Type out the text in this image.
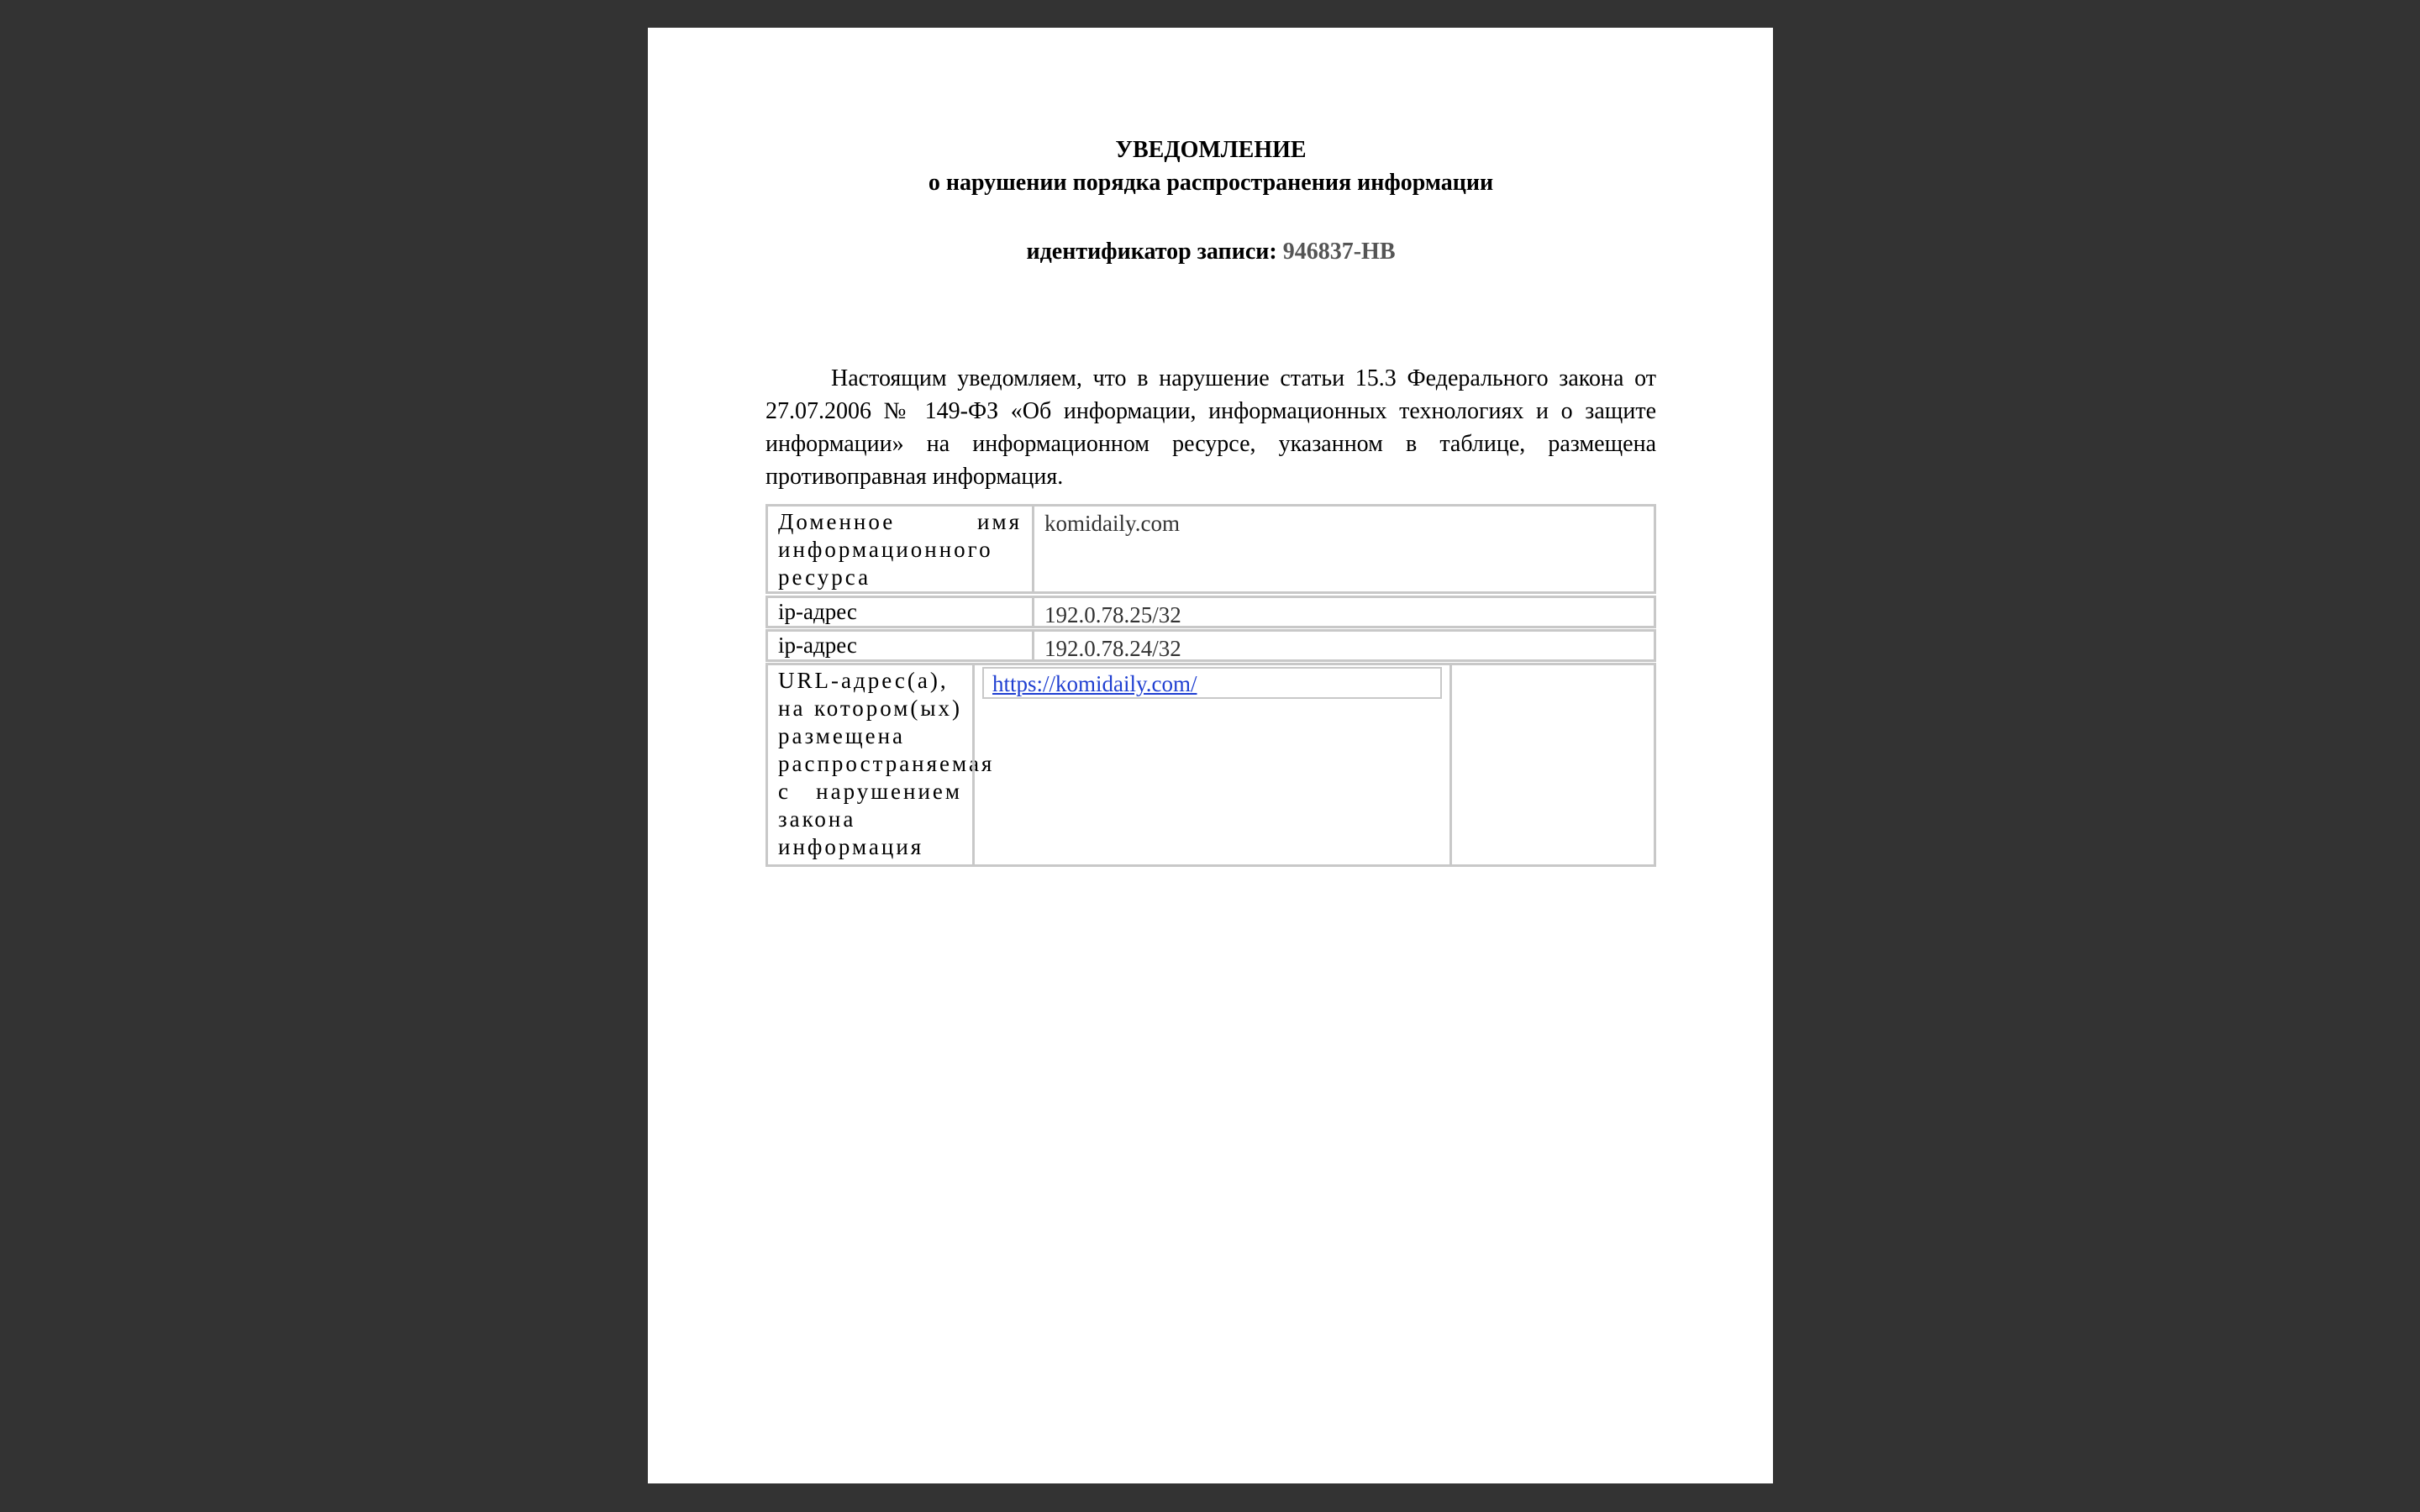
УВЕДОМЛЕНИЕ
о нарушении порядка распространения информации
идентификатор записи: 946837-НВ
Настоящим уведомляем, что в нарушение статьи 15.3 Федерального закона от 27.07.2006 № 149-ФЗ «Об информации, информационных технологиях и о защите информации» на информационном ресурсе, указанном в таблице, размещена противоправная информация.
Доменное имя информационного ресурса
komidaily.com
ip-адрес	192.0.78.25/32
ip-адрес	192.0.78.24/32
URL-адрес(а), на котором(ых) размещена распространяемая с нарушением закона информация
https://komidaily.com/
